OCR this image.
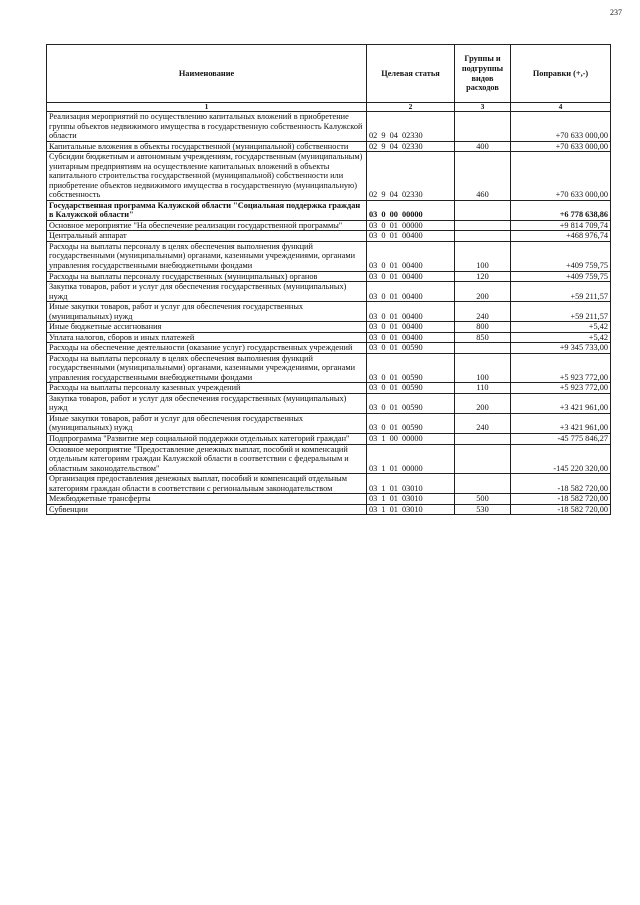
237
Наименование	Целевая статья	Группы и подгруппы видов расходов	Поправки (+,-)
1	2	3	4
Реализация мероприятий по осуществлению капитальных вложений в приобретение группы объектов недвижимого имущества в государственную собственность Калужской области	02 9 04 02330		+70 633 000,00
Капитальные вложения в объекты государственной (муниципальной) собственности	02 9 04 02330	400	+70 633 000,00
Субсидии бюджетным и автономным учреждениям, государственным (муниципальным) унитарным предприятиям на осуществление капитальных вложений в объекты капитального строительства государственной (муниципальной) собственности или приобретение объектов недвижимого имущества в государственную (муниципальную) собственность	02 9 04 02330	460	+70 633 000,00
Государственная программа Калужской области "Социальная поддержка граждан в Калужской области"	03 0 00 00000		+6 778 638,86
Основное мероприятие "На обеспечение реализации государственной программы"	03 0 01 00000		+9 814 709,74
Центральный аппарат	03 0 01 00400		+468 976,74
Расходы на выплаты персоналу в целях обеспечения выполнения функций государственными (муниципальными) органами, казенными учреждениями, органами управления государственными внебюджетными фондами	03 0 01 00400	100	+409 759,75
Расходы на выплаты персоналу государственных (муниципальных) органов	03 0 01 00400	120	+409 759,75
Закупка товаров, работ и услуг для обеспечения государственных (муниципальных) нужд	03 0 01 00400	200	+59 211,57
Иные закупки товаров, работ и услуг для обеспечения государственных (муниципальных) нужд	03 0 01 00400	240	+59 211,57
Иные бюджетные ассигнования	03 0 01 00400	800	+5,42
Уплата налогов, сборов и иных платежей	03 0 01 00400	850	+5,42
Расходы на обеспечение деятельности (оказание услуг) государственных учреждений	03 0 01 00590		+9 345 733,00
Расходы на выплаты персоналу в целях обеспечения выполнения функций государственными (муниципальными) органами, казенными учреждениями, органами управления государственными внебюджетными фондами	03 0 01 00590	100	+5 923 772,00
Расходы на выплаты персоналу казенных учреждений	03 0 01 00590	110	+5 923 772,00
Закупка товаров, работ и услуг для обеспечения государственных (муниципальных) нужд	03 0 01 00590	200	+3 421 961,00
Иные закупки товаров, работ и услуг для обеспечения государственных (муниципальных) нужд	03 0 01 00590	240	+3 421 961,00
Подпрограмма "Развитие мер социальной поддержки отдельных категорий граждан"	03 1 00 00000		-45 775 846,27
Основное мероприятие "Предоставление денежных выплат, пособий и компенсаций отдельным категориям граждан Калужской области в соответствии с федеральным и областным законодательством"	03 1 01 00000		-145 220 320,00
Организация предоставления денежных выплат, пособий и компенсаций отдельным категориям граждан области в соответствии с региональным законодательством	03 1 01 03010		-18 582 720,00
Межбюджетные трансферты	03 1 01 03010	500	-18 582 720,00
Субвенции	03 1 01 03010	530	-18 582 720,00
